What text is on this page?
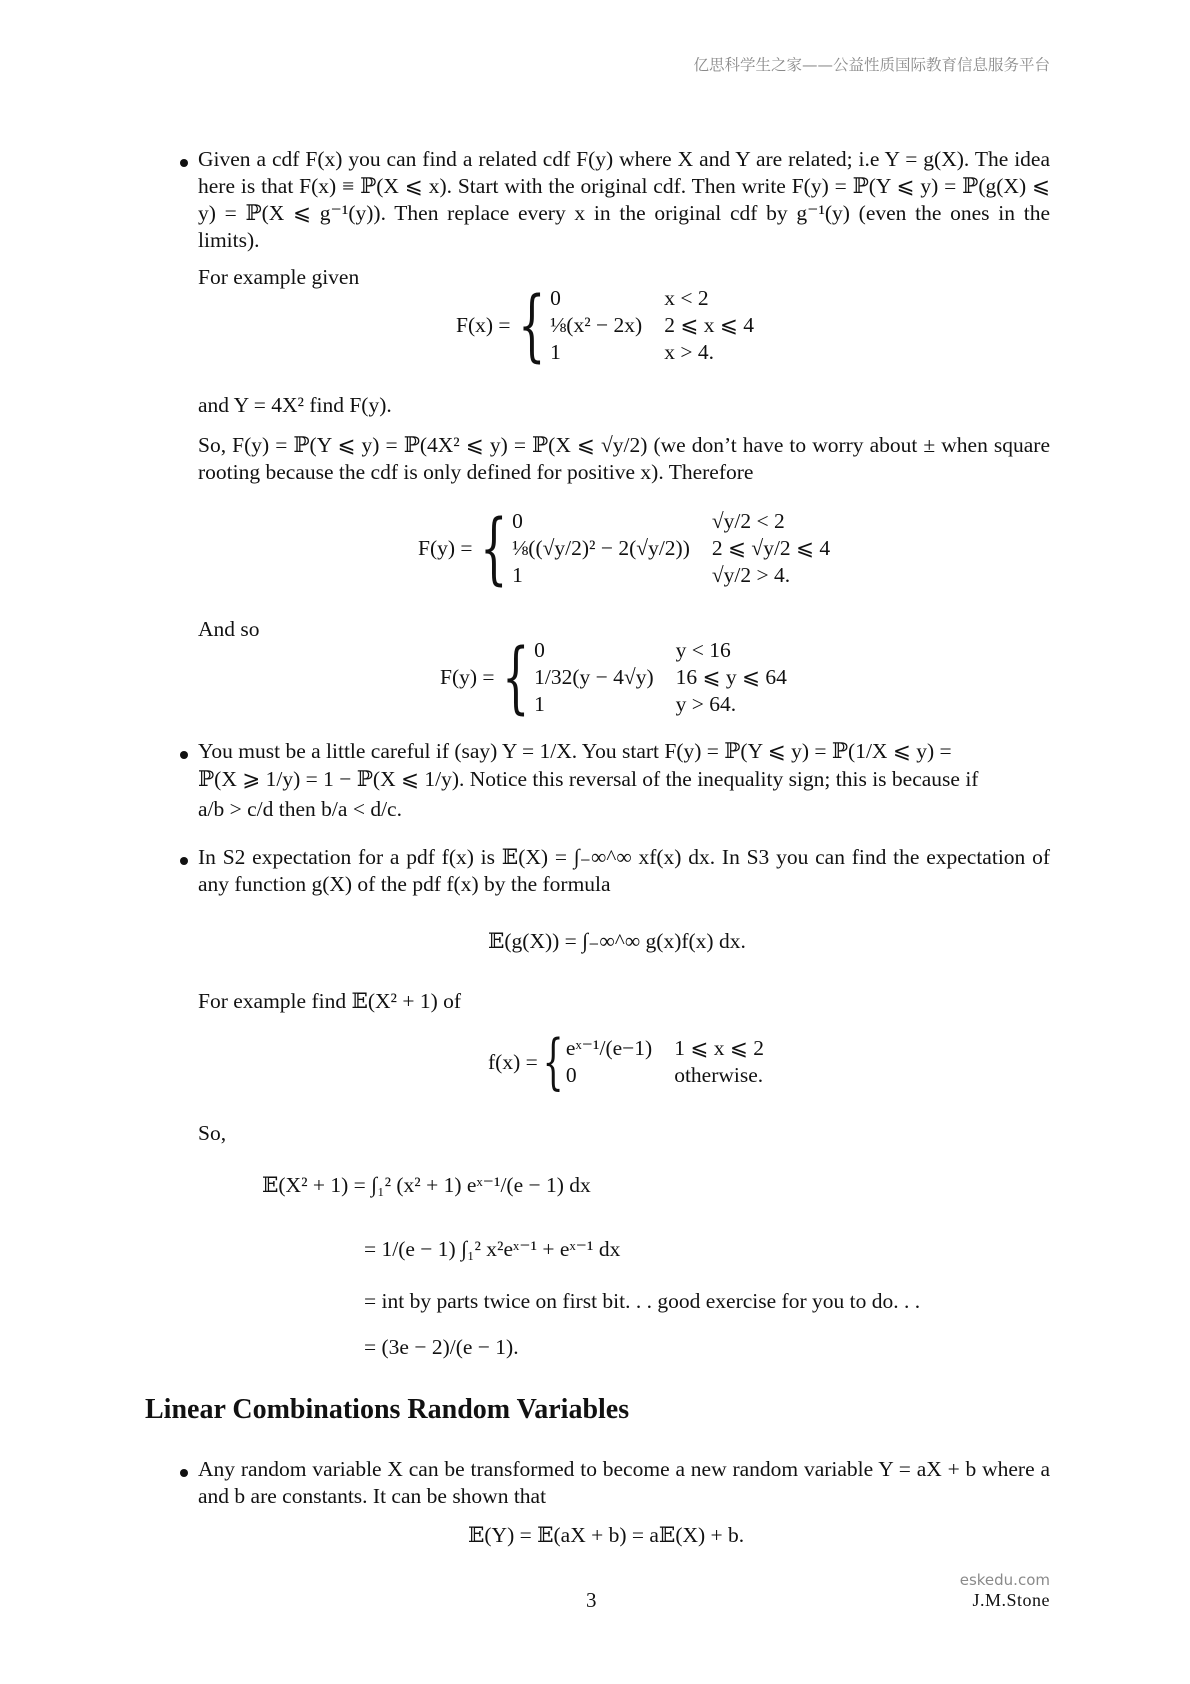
亿思科学生之家——公益性质国际教育信息服务平台
Given a cdf F(x) you can find a related cdf F(y) where X and Y are related; i.e Y = g(X). The idea here is that F(x) ≡ ℙ(X ⩽ x). Start with the original cdf. Then write F(y) = ℙ(Y ⩽ y) = ℙ(g(X) ⩽ y) = ℙ(X ⩽ g⁻¹(y)). Then replace every x in the original cdf by g⁻¹(y) (even the ones in the limits).
For example given
F(x) = { 0	x < 2
⅛(x² − 2x) 2 ⩽ x ⩽ 4
1	x > 4.
and Y = 4X² find F(y).
So, F(y) = ℙ(Y ⩽ y) = ℙ(4X² ⩽ y) = ℙ(X ⩽ √y/2) (we don’t have to worry about ± when square rooting because the cdf is only defined for positive x). Therefore
F(y) = { 0	√y/2 < 2
⅛((√y/2)² − 2(√y/2)) 2 ⩽ √y/2 ⩽ 4
1	√y/2 > 4.
And so
F(y) = { 0	y < 16
1/32(y − 4√y) 16 ⩽ y ⩽ 64
1	y > 64.
You must be a little careful if (say) Y = 1/X. You start F(y) = ℙ(Y ⩽ y) = ℙ(1/X ⩽ y) =
ℙ(X ⩾ 1/y) = 1 − ℙ(X ⩽ 1/y). Notice this reversal of the inequality sign; this is because if
a/b > c/d then b/a < d/c.
In S2 expectation for a pdf f(x) is 𝔼(X) = ∫₋∞^∞ xf(x) dx. In S3 you can find the expectation of any function g(X) of the pdf f(x) by the formula
𝔼(g(X)) = ∫₋∞^∞ g(x)f(x) dx.
For example find 𝔼(X² + 1) of
f(x) = { eˣ⁻¹/(e−1) 1 ⩽ x ⩽ 2
0	otherwise.
So,
𝔼(X² + 1) = ∫₁² (x² + 1) eˣ⁻¹/(e − 1) dx
= 1/(e − 1) ∫₁² x²eˣ⁻¹ + eˣ⁻¹ dx
= int by parts twice on first bit. . . good exercise for you to do. . .
= (3e − 2)/(e − 1).
Linear Combinations Random Variables
Any random variable X can be transformed to become a new random variable Y = aX + b where a and b are constants. It can be shown that
𝔼(Y) = 𝔼(aX + b) = a𝔼(X) + b.
3
eskedu.com
J.M.Stone
